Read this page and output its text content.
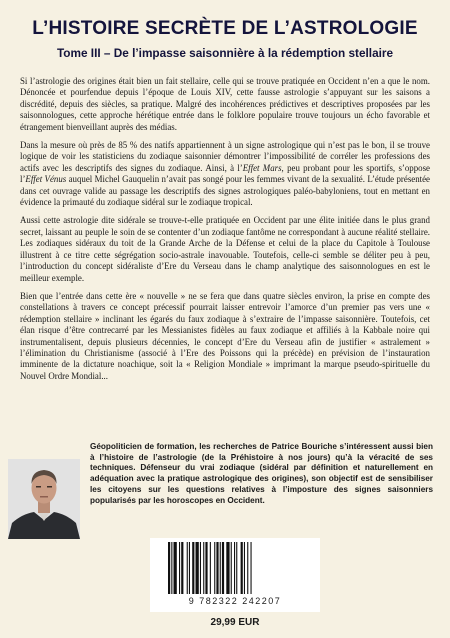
L’HISTOIRE SECRÈTE DE L’ASTROLOGIE
Tome III – De l’impasse saisonnière à la rédemption stellaire

Si l’astrologie des origines était bien un fait stellaire, celle qui se trouve pratiquée en Occident n’en a que le nom. Dénoncée et pourfendue depuis l’époque de Louis XIV, cette fausse astrologie s’appuyant sur les saisons a discrédité, depuis des siècles, sa pratique. Malgré des incohérences prédictives et descriptives proposées par les saisonnologues, cette approche hérétique entrée dans le folklore populaire trouve toujours un écho favorable et étrangement bienveillant auprès des médias.

Dans la mesure où près de 85 % des natifs appartiennent à un signe astrologique qui n’est pas le bon, il se trouve logique de voir les statisticiens du zodiaque saisonnier démontrer l’impossibilité de corréler les professions des actifs avec les descriptifs des signes du zodiaque. Ainsi, à l’Effet Mars, peu probant pour les sportifs, s’oppose l’Effet Vénus auquel Michel Gauquelin n’avait pas songé pour les femmes vivant de la sexualité. L’étude présentée dans cet ouvrage valide au passage les descriptifs des signes astrologiques paléo-babyloniens, tout en mettant en évidence la primauté du zodiaque sidéral sur le zodiaque tropical.

Aussi cette astrologie dite sidérale se trouve-t-elle pratiquée en Occident par une élite initiée dans le plus grand secret, laissant au peuple le soin de se contenter d’un zodiaque fantôme ne correspondant à aucune réalité stellaire. Les zodiaques sidéraux du toit de la Grande Arche de la Défense et celui de la place du Capitole à Toulouse illustrent à ce titre cette ségrégation socio-astrale inavouable. Toutefois, celle-ci semble se déliter peu à peu, l’introduction du concept sidéraliste d’Ere du Verseau dans le champ analytique des saisonnologues en est le meilleur exemple.

Bien que l’entrée dans cette ère « nouvelle » ne se fera que dans quatre siècles environ, la prise en compte des constellations à travers ce concept précessif pourrait laisser entrevoir l’amorce d’un premier pas vers une « rédemption stellaire » inclinant les égarés du faux zodiaque à s’extraire de l’impasse saisonnière. Toutefois, cet élan risque d’être contrecarré par les Messianistes fidèles au faux zodiaque et affiliés à la Kabbale noire qui instrumentalisent, depuis plusieurs décennies, le concept d’Ere du Verseau afin de justifier « astralement » l’élimination du Christianisme (associé à l’Ere des Poissons qui la précède) en prévision de l’instauration imminente de la dictature noachique, soit la « Religion Mondiale » imprimant la marque pseudo-spirituelle du Nouvel Ordre Mondial...

Géopoliticien de formation, les recherches de Patrice Bouriche s’intéressent aussi bien à l’histoire de l’astrologie (de la Préhistoire à nos jours) qu’à la véracité de ses techniques. Défenseur du vrai zodiaque (sidéral par définition et naturellement en adéquation avec la pratique astrologique des origines), son objectif est de sensibiliser les citoyens sur les questions relatives à l’imposture des signes saisonniers popularisés par les horoscopes en Occident.
9 782322 242207
29,99 EUR
